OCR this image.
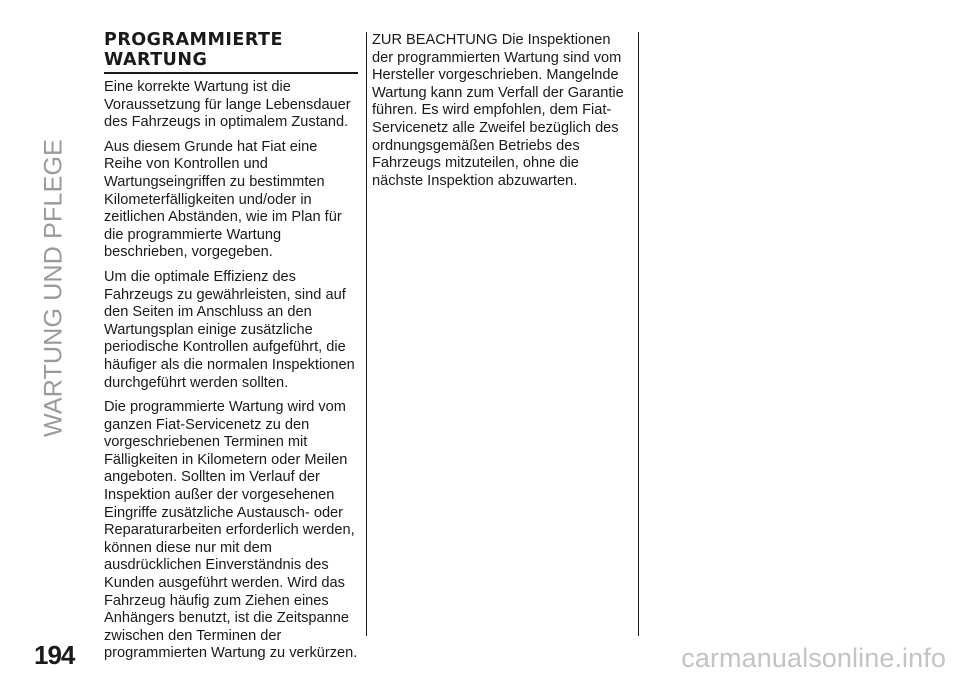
WARTUNG UND PFLEGE
PROGRAMMIERTE
WARTUNG

Eine korrekte Wartung ist die Voraussetzung für lange Lebensdauer des Fahrzeugs in optimalem Zustand.

Aus diesem Grunde hat Fiat eine Reihe von Kontrollen und Wartungseingriffen zu bestimmten Kilometerfälligkeiten und/oder in zeitlichen Abständen, wie im Plan für die programmierte Wartung beschrieben, vorgegeben.

Um die optimale Effizienz des Fahrzeugs zu gewährleisten, sind auf den Seiten im Anschluss an den Wartungsplan einige zusätzliche periodische Kontrollen aufgeführt, die häufiger als die normalen Inspektionen durchgeführt werden sollten.

Die programmierte Wartung wird vom ganzen Fiat-Servicenetz zu den vorgeschriebenen Terminen mit Fälligkeiten in Kilometern oder Meilen angeboten. Sollten im Verlauf der Inspektion außer der vorgesehenen Eingriffe zusätzliche Austausch- oder Reparaturarbeiten erforderlich werden, können diese nur mit dem ausdrücklichen Einverständnis des Kunden ausgeführt werden. Wird das Fahrzeug häufig zum Ziehen eines Anhängers benutzt, ist die Zeitspanne zwischen den Terminen der programmierten Wartung zu verkürzen.

ZUR BEACHTUNG Die Inspektionen der programmierten Wartung sind vom Hersteller vorgeschrieben. Mangelnde Wartung kann zum Verfall der Garantie führen. Es wird empfohlen, dem Fiat-Servicenetz alle Zweifel bezüglich des ordnungsgemäßen Betriebs des Fahrzeugs mitzuteilen, ohne die nächste Inspektion abzuwarten.

194	carmanualsonline.info
